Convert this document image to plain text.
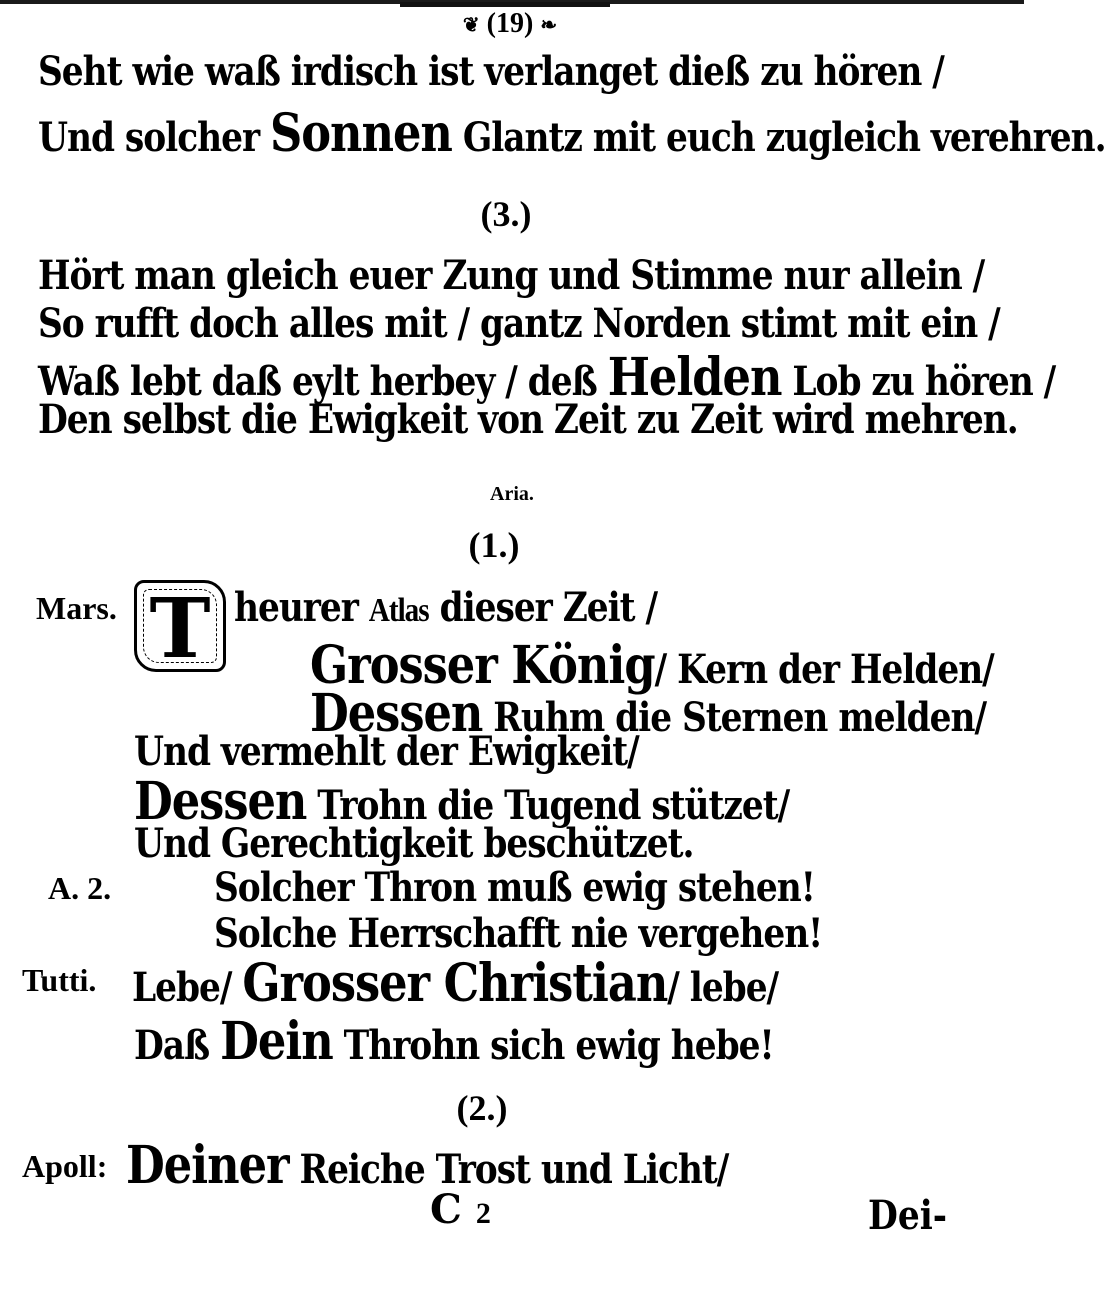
❦ (19) ❧
Seht wie waß irdisch ist verlanget dieß zu hören /
Und solcher Sonnen Glantz mit euch zugleich verehren.
(3.)
Hört man gleich euer Zung und Stimme nur allein /
So rufft doch alles mit / gantz Norden stimt mit ein /
Waß lebt daß eylt herbey / deß Helden Lob zu hören /
Den selbst die Ewigkeit von Zeit zu Zeit wird mehren.
Aria.
(1.)
Mars. T heurer Atlas dieser Zeit /
Grosser König/ Kern der Helden/
Dessen Ruhm die Sternen melden/
Und vermehlt der Ewigkeit/
Dessen Trohn die Tugend stützet/
Und Gerechtigkeit beschützet.
A. 2.	Solcher Thron muß ewig stehen!
Solche Herrschafft nie vergehen!
Tutti. Lebe/ Grosser Christian/ lebe/
Daß Dein Throhn sich ewig hebe!
(2.)
Apoll: Deiner Reiche Trost und Licht/
C 2	Dei-
